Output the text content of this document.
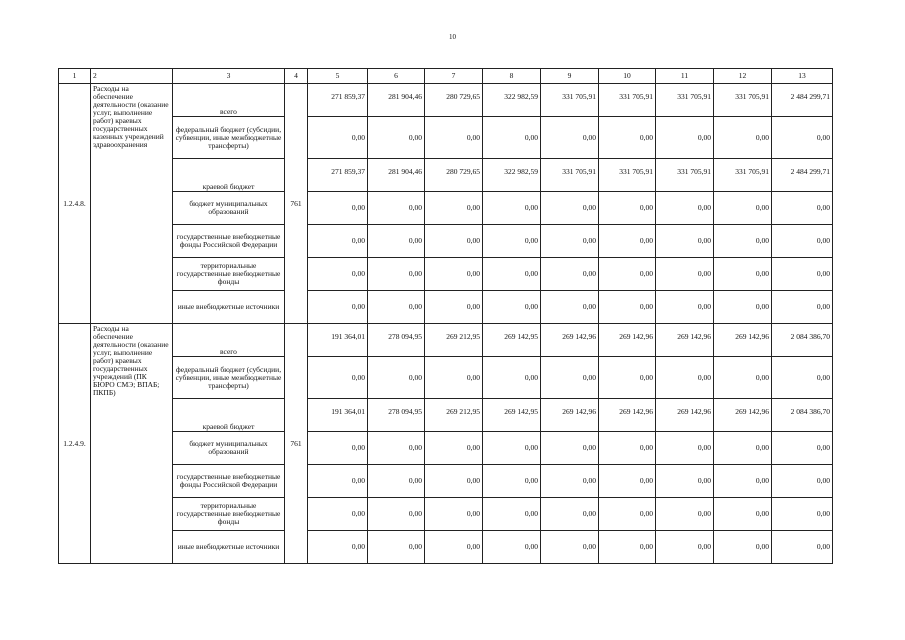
10
1	2	3	4	5	6	7	8	9	10	11	12	13
1.2.4.8.	Расходы на обеспечение деятельности (оказание услуг, выполнение работ) краевых государственных казенных учреждений здравоохранения	всего	761	271 859,37	281 904,46	280 729,65	322 982,59	331 705,91	331 705,91	331 705,91	331 705,91	2 484 299,71
		федеральный бюджет (субсидии, субвенции, иные межбюджетные трансферты)		0,00	0,00	0,00	0,00	0,00	0,00	0,00	0,00	0,00
		краевой бюджет		271 859,37	281 904,46	280 729,65	322 982,59	331 705,91	331 705,91	331 705,91	331 705,91	2 484 299,71
		бюджет муниципальных образований		0,00	0,00	0,00	0,00	0,00	0,00	0,00	0,00	0,00
		государственные внебюджетные фонды Российской Федерации		0,00	0,00	0,00	0,00	0,00	0,00	0,00	0,00	0,00
		территориальные государственные внебюджетные фонды		0,00	0,00	0,00	0,00	0,00	0,00	0,00	0,00	0,00
		иные внебюджетные источники		0,00	0,00	0,00	0,00	0,00	0,00	0,00	0,00	0,00
1.2.4.9.	Расходы на обеспечение деятельности (оказание услуг, выполнение работ) краевых государственных учреждений (ПК БЮРО СМЭ; ВПАБ; ПКПБ)	всего	761	191 364,01	278 094,95	269 212,95	269 142,95	269 142,96	269 142,96	269 142,96	269 142,96	2 084 386,70
		федеральный бюджет (субсидии, субвенции, иные межбюджетные трансферты)		0,00	0,00	0,00	0,00	0,00	0,00	0,00	0,00	0,00
		краевой бюджет		191 364,01	278 094,95	269 212,95	269 142,95	269 142,96	269 142,96	269 142,96	269 142,96	2 084 386,70
		бюджет муниципальных образований		0,00	0,00	0,00	0,00	0,00	0,00	0,00	0,00	0,00
		государственные внебюджетные фонды Российской Федерации		0,00	0,00	0,00	0,00	0,00	0,00	0,00	0,00	0,00
		территориальные государственные внебюджетные фонды		0,00	0,00	0,00	0,00	0,00	0,00	0,00	0,00	0,00
		иные внебюджетные источники		0,00	0,00	0,00	0,00	0,00	0,00	0,00	0,00	0,00
